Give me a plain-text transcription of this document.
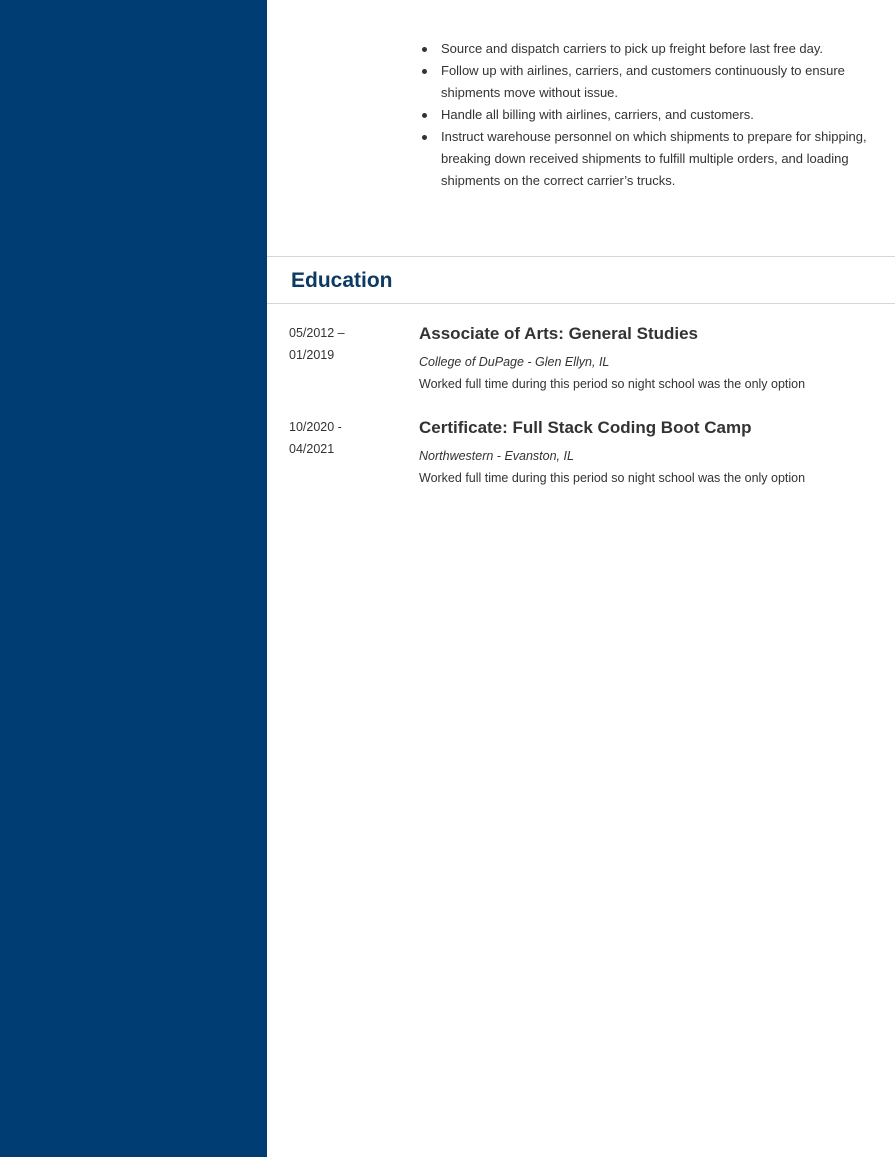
Source and dispatch carriers to pick up freight before last free day.
Follow up with airlines, carriers, and customers continuously to ensure shipments move without issue.
Handle all billing with airlines, carriers, and customers.
Instruct warehouse personnel on which shipments to prepare for shipping, breaking down received shipments to fulfill multiple orders, and loading shipments on the correct carrier’s trucks.
Education
05/2012 –
01/2019
Associate of Arts: General Studies
College of DuPage - Glen Ellyn, IL
Worked full time during this period so night school was the only option
10/2020 -
04/2021
Certificate: Full Stack Coding Boot Camp
Northwestern - Evanston, IL
Worked full time during this period so night school was the only option
